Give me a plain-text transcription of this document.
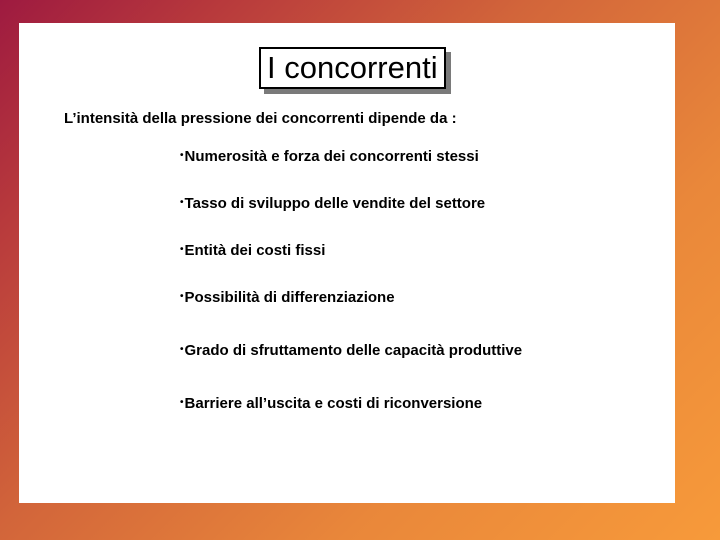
I concorrenti
L’intensità della pressione dei concorrenti dipende da :
•Numerosità e forza dei concorrenti stessi
•Tasso di sviluppo delle vendite del settore
•Entità dei costi fissi
•Possibilità di differenziazione
•Grado di sfruttamento delle capacità produttive
•Barriere all’uscita e costi di riconversione
